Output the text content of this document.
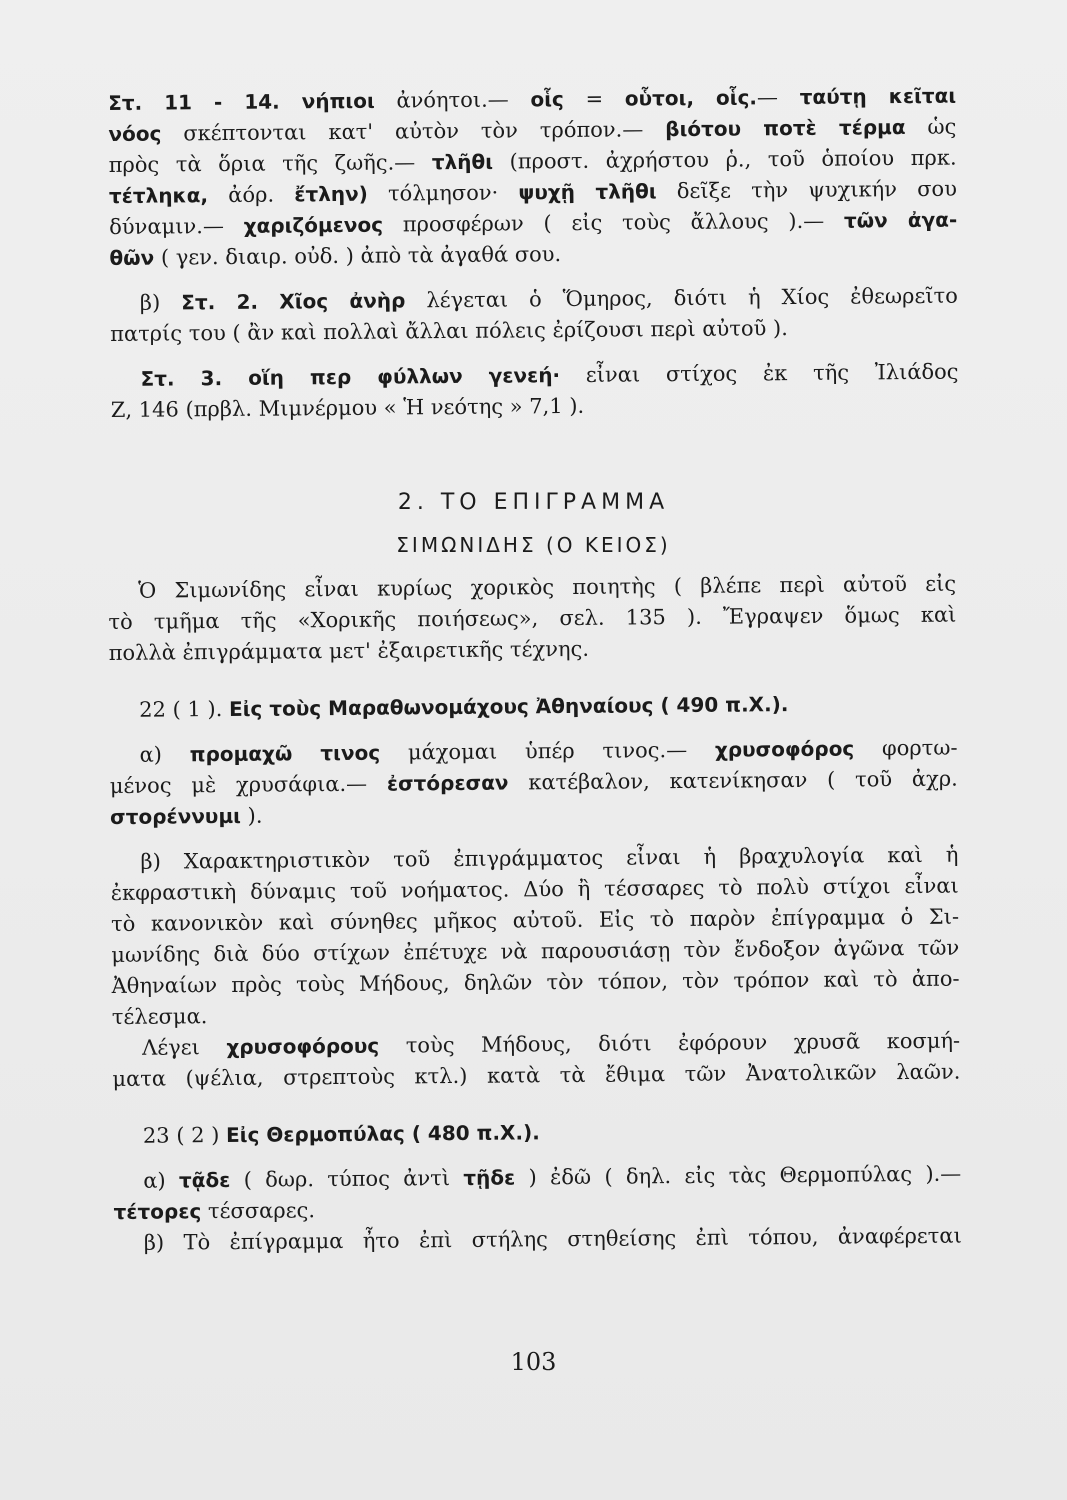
Στ. 11 - 14. νήπιοι ἀνόητοι.— οἷς = οὗτοι, οἷς.— ταύτῃ κεῖται
νόος σκέπτονται κατ' αὐτὸν τὸν τρόπον.— βιότου ποτὲ τέρμα ὡς
πρὸς τὰ ὅρια τῆς ζωῆς.— τλῆθι (προστ. ἀχρήστου ῥ., τοῦ ὁποίου πρκ.
τέτληκα, ἀόρ. ἔτλην) τόλμησον· ψυχῇ τλῆθι δεῖξε τὴν ψυχικήν σου
δύναμιν.— χαριζόμενος προσφέρων ( εἰς τοὺς ἄλλους ).— τῶν ἀγα-
θῶν ( γεν. διαιρ. οὐδ. ) ἀπὸ τὰ ἀγαθά σου.
β) Στ. 2. Χῖος ἀνὴρ λέγεται ὁ Ὅμηρος, διότι ἡ Χίος ἐθεωρεῖτο
πατρίς του ( ἂν καὶ πολλαὶ ἄλλαι πόλεις ἐρίζουσι περὶ αὐτοῦ ).
Στ. 3. οἵη περ φύλλων γενεή· εἶναι στίχος ἐκ τῆς Ἰλιάδος
Ζ, 146 (πρβλ. Μιμνέρμου « Ἡ νεότης » 7,1 ).
2. ΤΟ ΕΠΙΓΡΑΜΜΑ
ΣΙΜΩΝΙΔΗΣ (Ο ΚΕΙΟΣ)
Ὁ Σιμωνίδης εἶναι κυρίως χορικὸς ποιητὴς ( βλέπε περὶ αὐτοῦ εἰς
τὸ τμῆμα τῆς «Χορικῆς ποιήσεως», σελ. 135 ). Ἔγραψεν ὅμως καὶ
πολλὰ ἐπιγράμματα μετ' ἐξαιρετικῆς τέχνης.
22 ( 1 ). Εἰς τοὺς Μαραθωνομάχους Ἀθηναίους ( 490 π.Χ.).
α) προμαχῶ τινος μάχομαι ὑπέρ τινος.— χρυσοφόρος φορτω-
μένος μὲ χρυσάφια.— ἐστόρεσαν κατέβαλον, κατενίκησαν ( τοῦ ἀχρ.
στορέννυμι ).
β) Χαρακτηριστικὸν τοῦ ἐπιγράμματος εἶναι ἡ βραχυλογία καὶ ἡ
ἐκφραστικὴ δύναμις τοῦ νοήματος. Δύο ἢ τέσσαρες τὸ πολὺ στίχοι εἶναι
τὸ κανονικὸν καὶ σύνηθες μῆκος αὐτοῦ. Εἰς τὸ παρὸν ἐπίγραμμα ὁ Σι-
μωνίδης διὰ δύο στίχων ἐπέτυχε νὰ παρουσιάσῃ τὸν ἔνδοξον ἀγῶνα τῶν
Ἀθηναίων πρὸς τοὺς Μήδους, δηλῶν τὸν τόπον, τὸν τρόπον καὶ τὸ ἀπο-
τέλεσμα.
Λέγει χρυσοφόρους τοὺς Μήδους, διότι ἐφόρουν χρυσᾶ κοσμή-
ματα (ψέλια, στρεπτοὺς κτλ.) κατὰ τὰ ἔθιμα τῶν Ἀνατολικῶν λαῶν.
23 ( 2 ) Εἰς Θερμοπύλας ( 480 π.Χ.).
α) τᾷδε ( δωρ. τύπος ἀντὶ τῇδε ) ἐδῶ ( δηλ. εἰς τὰς Θερμοπύλας ).—
τέτορες τέσσαρες.
β) Τὸ ἐπίγραμμα ἦτο ἐπὶ στήλης στηθείσης ἐπὶ τόπου, ἀναφέρεται
103
